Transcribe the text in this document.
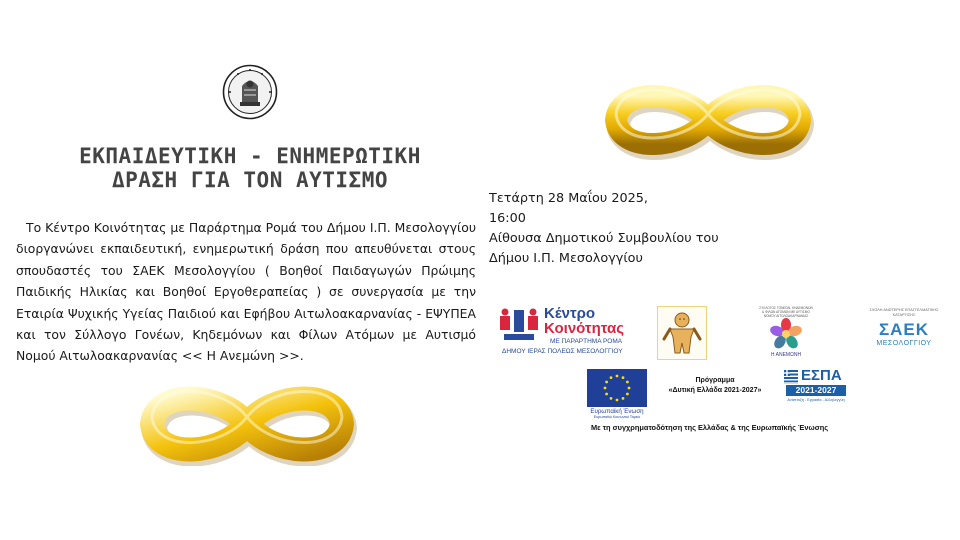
ΕΚΠΑΙΔΕΥΤΙΚΗ - ΕΝΗΜΕΡΩΤΙΚΗ
ΔΡΑΣΗ ΓΙΑ ΤΟΝ ΑΥΤΙΣΜΟ
Το Κέντρο Κοινότητας με Παράρτημα Ρομά του Δήμου Ι.Π. Μεσολογγίου διοργανώνει εκπαιδευτική, ενημερωτική δράση που απευθύνεται στους σπουδαστές του ΣΑΕΚ Μεσολογγίου ( Βοηθοί Παιδαγωγών Πρώιμης Παιδικής Ηλικίας και Βοηθοί Εργοθεραπείας ) σε συνεργασία με την Εταιρία Ψυχικής Υγείας Παιδιού και Εφήβου Αιτωλοακαρνανίας - ΕΨΥΠΕΑ και τον Σύλλογο Γονέων, Κηδεμόνων και Φίλων Ατόμων με Αυτισμό Νομού Αιτωλοακαρνανίας << Η Ανεμώνη >>.
Τετάρτη 28 Μαΐου 2025,
16:00
Αίθουσα Δημοτικού Συμβουλίου του
Δήμου Ι.Π. Μεσολογγίου
Κέντρο
Κοινότητας
ΜΕ ΠΑΡΑΡΤΗΜΑ ΡΟΜΑ
ΔΗΜΟΥ ΙΕΡΑΣ ΠΟΛΕΩΣ ΜΕΣΟΛΟΓΓΙΟΥ
ΣΥΛΛΟΓΟΣ ΓΟΝΕΩΝ, ΚΗΔΕΜΟΝΩΝ & ΦΙΛΩΝ ΑΤΟΜΩΝ ΜΕ ΑΥΤΙΣΜΟ ΝΟΜΟΥ ΑΙΤΩΛΟΑΚΑΡΝΑΝΙΑΣ
Η ΑΝΕΜΩΝΗ
ΣΧΟΛΗ ΑΝΩΤΕΡΗΣ ΕΠΑΓΓΕΛΜΑΤΙΚΗΣ ΚΑΤΑΡΤΙΣΗΣ
ΣΑΕΚ
ΜΕΣΟΛΟΓΓΙΟΥ
Ευρωπαϊκή Ένωση
Ευρωπαϊκό Κοινωνικό Ταμείο
Πρόγραμμα
«Δυτική Ελλάδα 2021-2027»
ΕΣΠΑ
2021-2027
Ανάπτυξη - Εργασία - Αλληλεγγύη
Με τη συγχρηματοδότηση της Ελλάδας & της Ευρωπαϊκής Ένωσης
